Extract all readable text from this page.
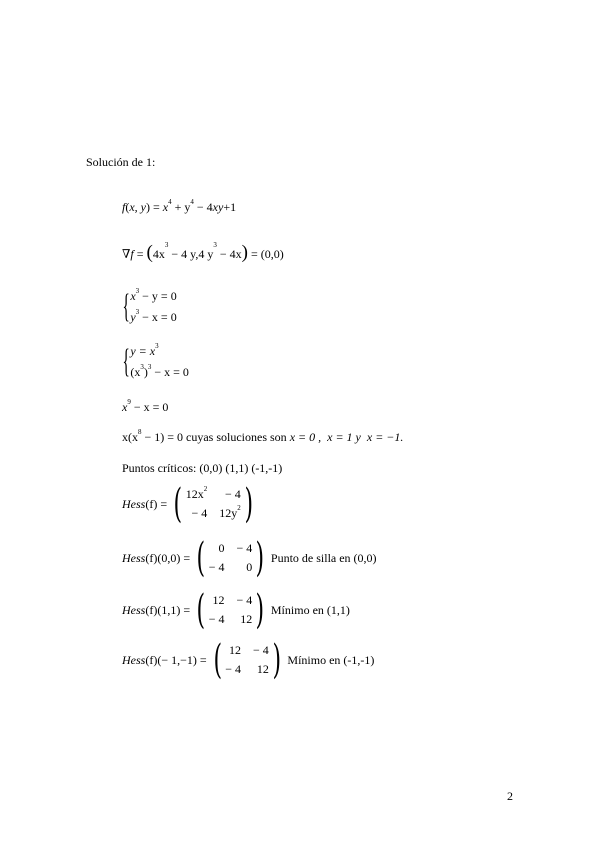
Solución de 1:
f(x, $y) = x^4 + y^4 - 4xy+1$
$\nabla f = (4x^3 - 4$ y,4 $y^3 - 4x) = (0,0)$
{ $x^3 - y = 0$
$y^3 - x = 0$
{ $y = x^3$
$(x^3)^3 - x = 0$
$x^9 - x = 0$
$x(x^8 - 1) = 0$ cuyas soluciones son x = 0 , x = 1 y x = −1.
Puntos críticos: (0,0) (1,1) (-1,-1)
Hess (f)
=
( $12x^2$	− 4
− 4 $12y^2$ )
Hess (f)(0,0)
=
(	0 − 4
− 4	0 )
Punto de silla en (0,0)
Hess (f)(1,1)
=
( 12 − 4
− 4	12 )
Mínimo en (1,1)
Hess (f)(− 1,−1)
=
( 12 − 4
− 4	12 )
Mínimo en (-1,-1)
2
